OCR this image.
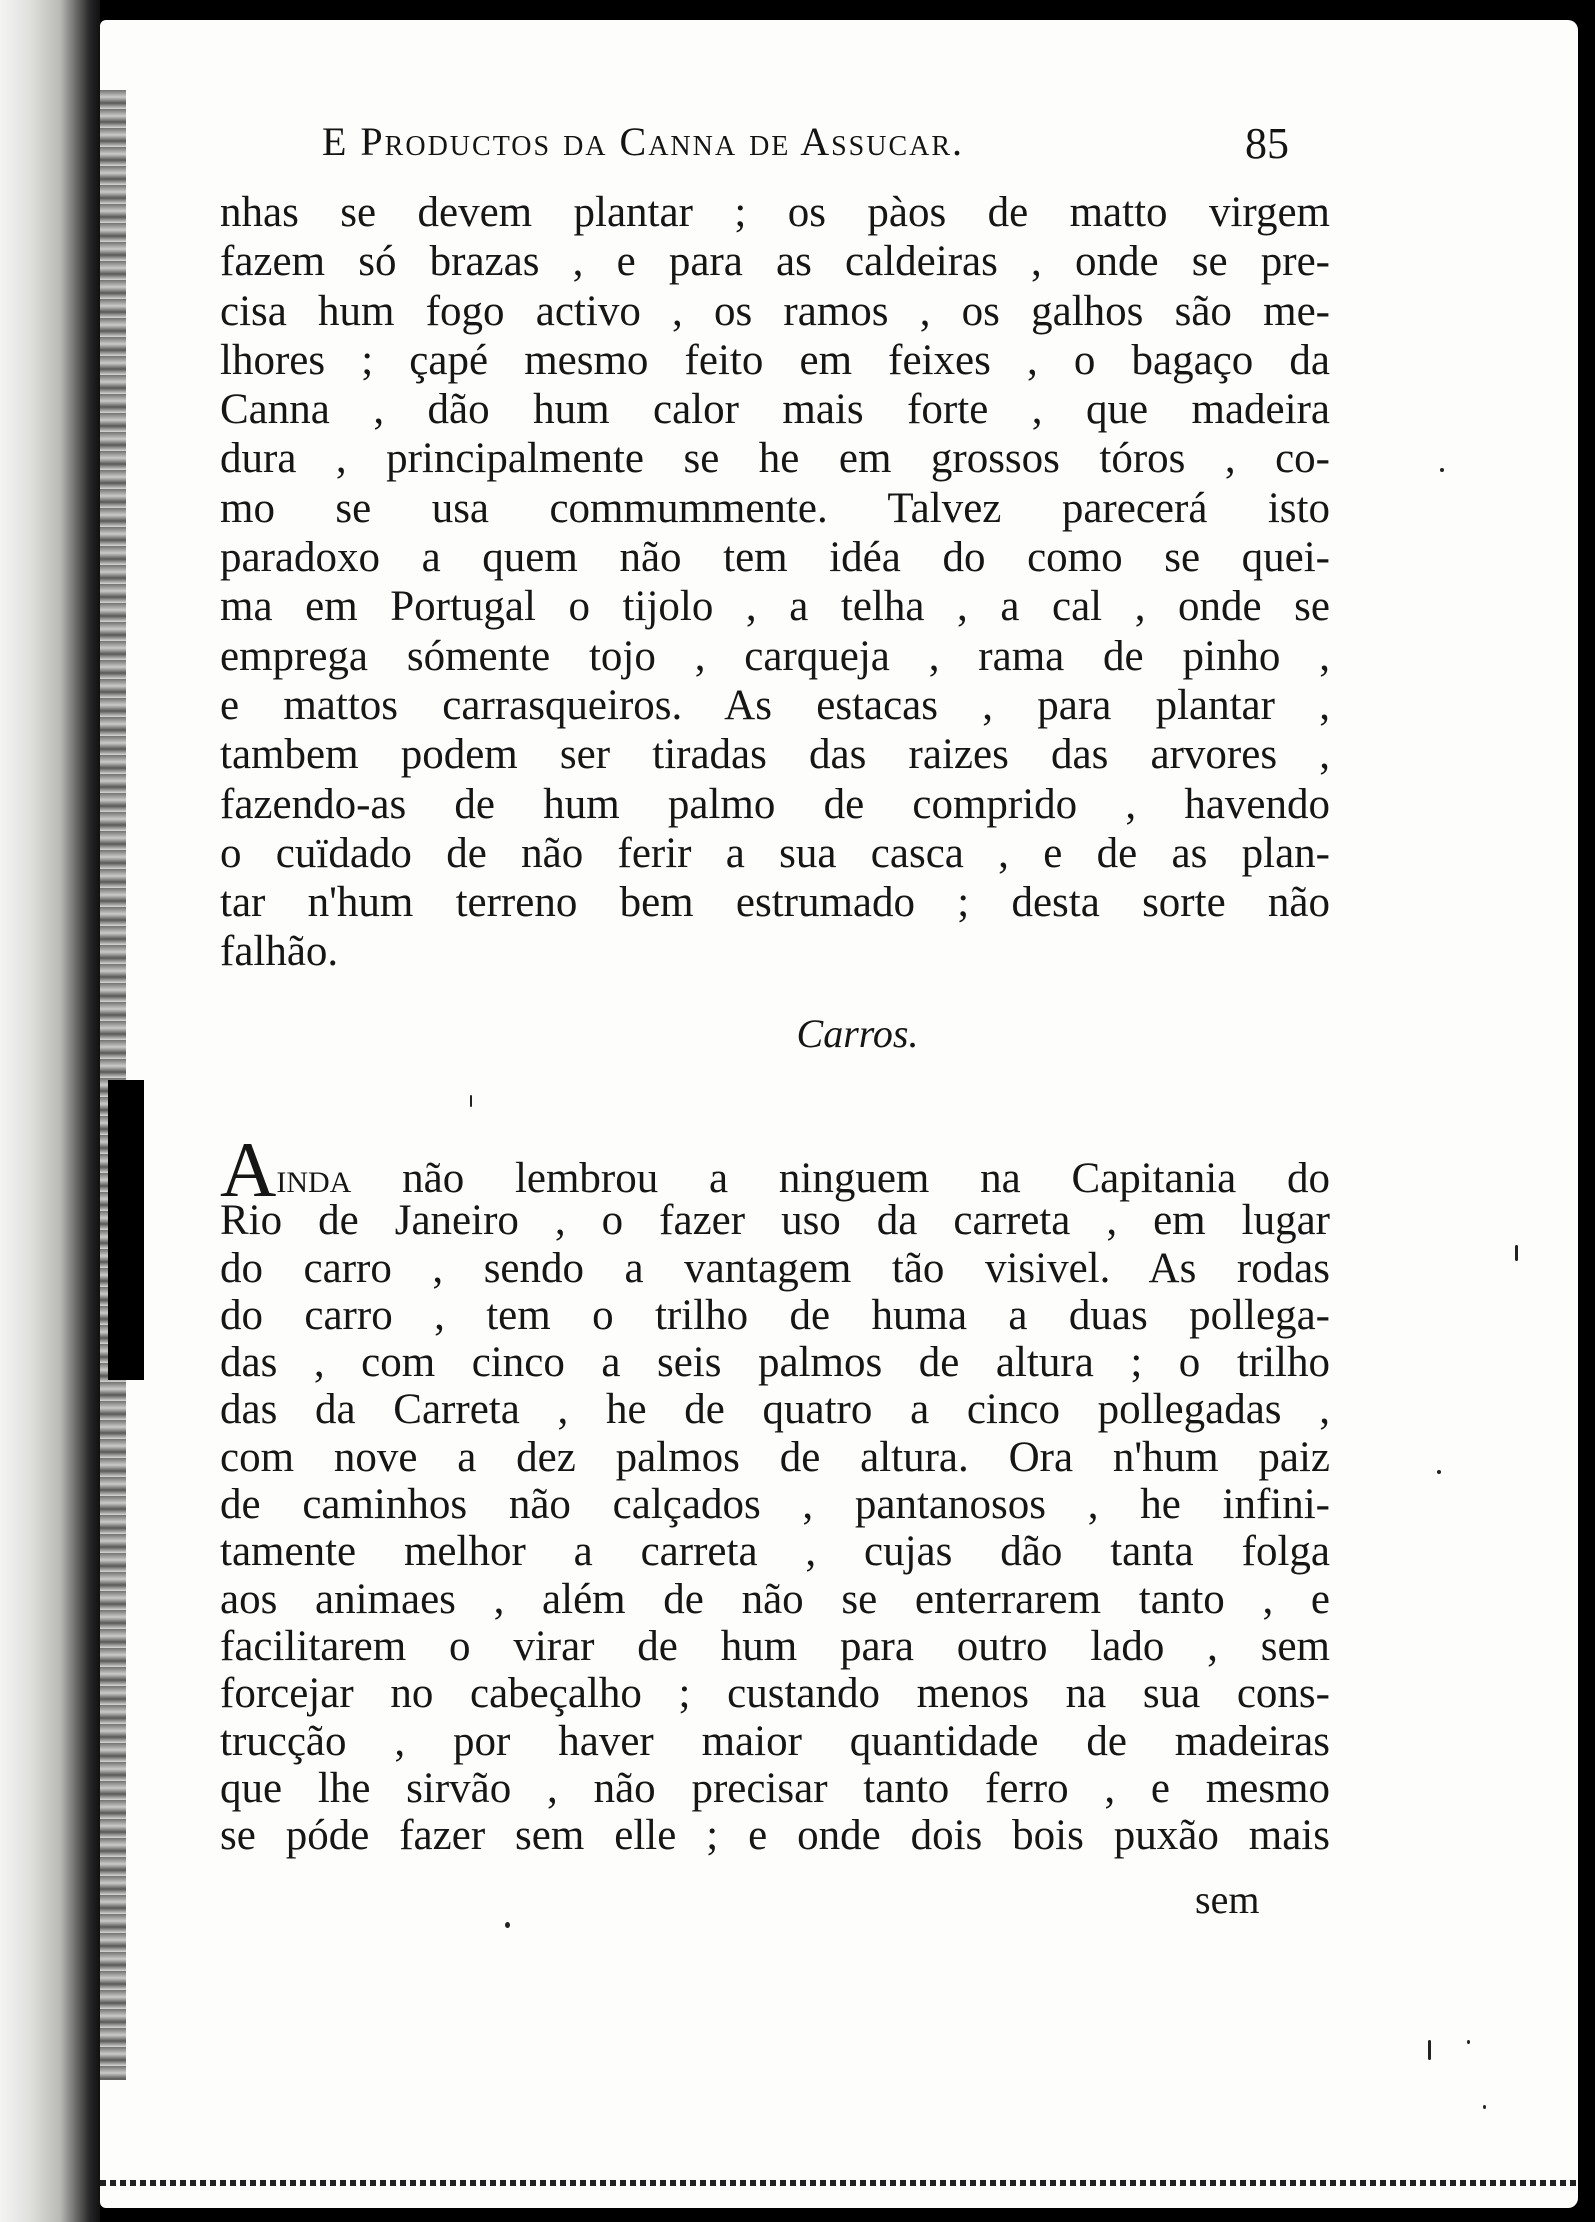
E Productos da Canna de Assucar.	85
nhas se devem plantar ; os pàos de matto virgem
fazem só brazas , e para as caldeiras , onde se pre-
cisa hum fogo activo , os ramos , os galhos são me-
lhores ; çapé mesmo feito em feixes , o bagaço da
Canna , dão hum calor mais forte , que madeira
dura , principalmente se he em grossos tóros , co-
mo se usa commummente. Talvez parecerá isto
paradoxo a quem não tem idéa do como se quei-
ma em Portugal o tijolo , a telha , a cal , onde se
emprega sómente tojo , carqueja , rama de pinho ,
e mattos carrasqueiros. As estacas , para plantar ,
tambem podem ser tiradas das raizes das arvores ,
fazendo-as de hum palmo de comprido , havendo
o cuïdado de não ferir a sua casca , e de as plan-
tar n'hum terreno bem estrumado ; desta sorte não
falhão.
Carros.
Ainda não lembrou a ninguem na Capitania do
Rio de Janeiro , o fazer uso da carreta , em lugar
do carro , sendo a vantagem tão visivel. As rodas
do carro , tem o trilho de huma a duas pollega-
das , com cinco a seis palmos de altura ; o trilho
das da Carreta , he de quatro a cinco pollegadas ,
com nove a dez palmos de altura. Ora n'hum paiz
de caminhos não calçados , pantanosos , he infini-
tamente melhor a carreta , cujas dão tanta folga
aos animaes , além de não se enterrarem tanto , e
facilitarem o virar de hum para outro lado , sem
forcejar no cabeçalho ; custando menos na sua cons-
trucção , por haver maior quantidade de madeiras
que lhe sirvão , não precisar tanto ferro , e mesmo
se póde fazer sem elle ; e onde dois bois puxão mais
sem
